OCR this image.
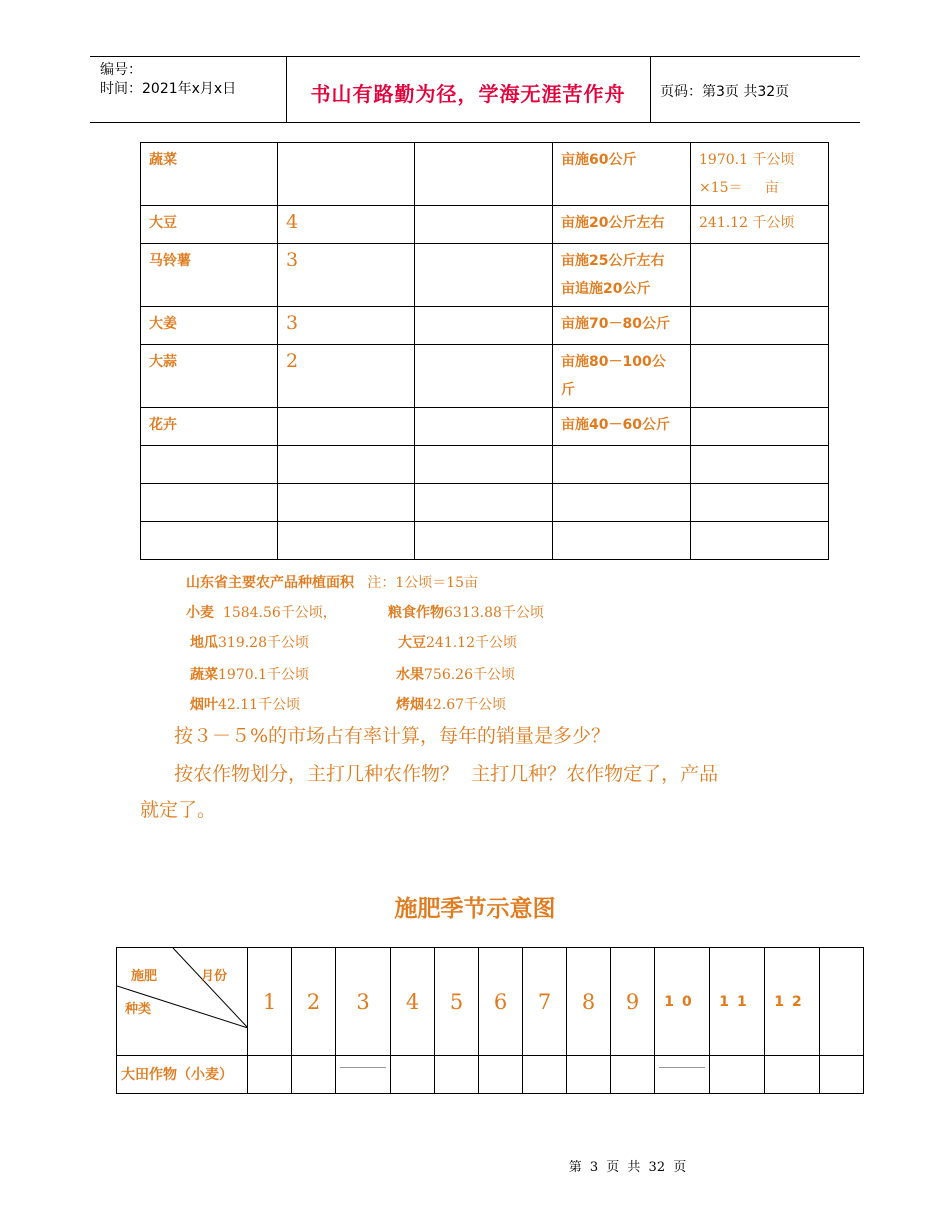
编号：
时间：2021年x月x日	书山有路勤为径，学海无涯苦作舟	页码：第3页 共32页
蔬菜			亩施60公斤	1970.1 千公顷
×15＝     亩

大豆	4		亩施20公斤左右	241.12 千公顷

马铃薯	3		亩施25公斤左右
亩追施20公斤	

大姜	3		亩施70－80公斤	

大蒜	2		亩施80－100公
斤	

花卉			亩施40－60公斤	

山东省主要农产品种植面积 注：1公顷＝15亩
小麦 1584.56千公顷，	粮食作物6313.88千公顷
地瓜319.28千公顷	大豆241.12千公顷
蔬菜1970.1千公顷	水果756.26千公顷
烟叶42.11千公顷	烤烟42.67千公顷
按３－５%的市场占有率计算，每年的销量是多少？
按农作物划分，主打几种农作物？  主打几种？农作物定了，产品
就定了。
施肥季节示意图
施肥 月份
种类	1	2	3	4	5	6	7	8	9	10	11	12	
大田作物（小麦）			

第 3 页 共 32 页
